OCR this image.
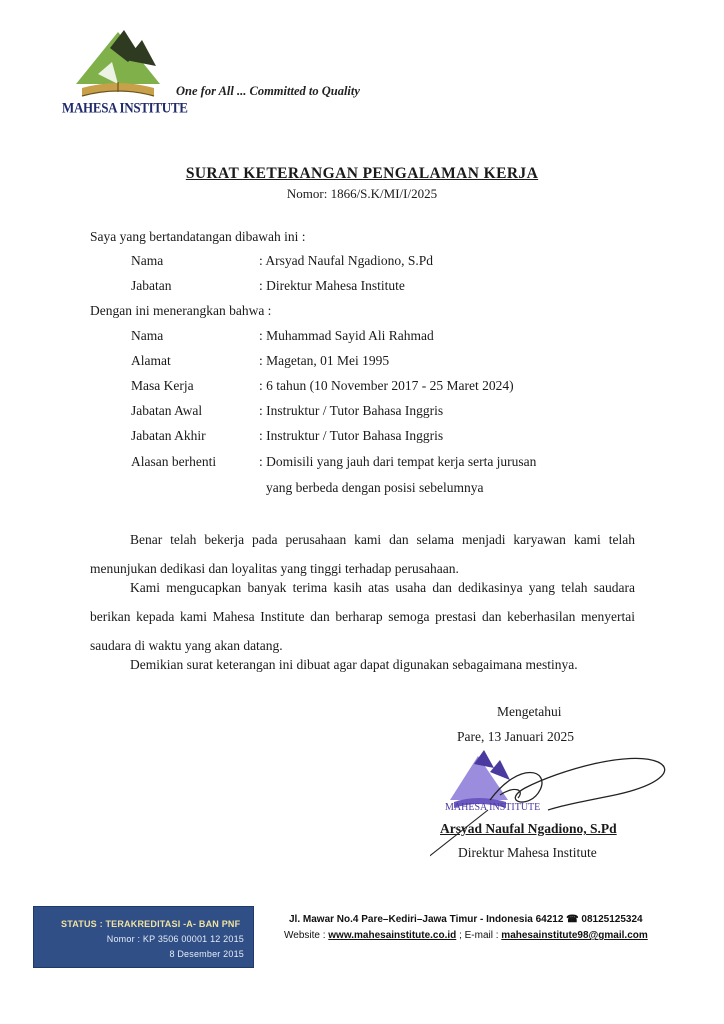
MAHESA INSTITUTE
One for All ... Committed to Quality
SURAT KETERANGAN PENGALAMAN KERJA
Nomor: 1866/S.K/MI/I/2025
Saya yang bertandatangan dibawah ini :
Nama	: Arsyad Naufal Ngadiono, S.Pd
Jabatan	: Direktur Mahesa Institute
Dengan ini menerangkan bahwa :
Nama	: Muhammad Sayid Ali Rahmad
Alamat	: Magetan, 01 Mei 1995
Masa Kerja	: 6 tahun (10 November 2017 - 25 Maret 2024)
Jabatan Awal	: Instruktur / Tutor Bahasa Inggris
Jabatan Akhir	: Instruktur / Tutor Bahasa Inggris
Alasan berhenti	: Domisili yang jauh dari tempat kerja serta jurusan
yang berbeda dengan posisi sebelumnya
Benar telah bekerja pada perusahaan kami dan selama menjadi karyawan kami telah menunjukan dedikasi dan loyalitas yang tinggi terhadap perusahaan.
Kami mengucapkan banyak terima kasih atas usaha dan dedikasinya yang telah saudara berikan kepada kami Mahesa Institute dan berharap semoga prestasi dan keberhasilan menyertai saudara di waktu yang akan datang.
Demikian surat keterangan ini dibuat agar dapat digunakan sebagaimana mestinya.
Mengetahui
Pare, 13 Januari 2025
MAHESA INSTITUTE
Arsyad Naufal Ngadiono, S.Pd
Direktur Mahesa Institute
STATUS : TERAKREDITASI -A- BAN PNF
Nomor : KP 3506 00001 12 2015
8 Desember 2015
Jl. Mawar No.4 Pare–Kediri–Jawa Timur - Indonesia 64212 ☎ 08125125324
Website : www.mahesainstitute.co.id ; E-mail : mahesainstitute98@gmail.com
